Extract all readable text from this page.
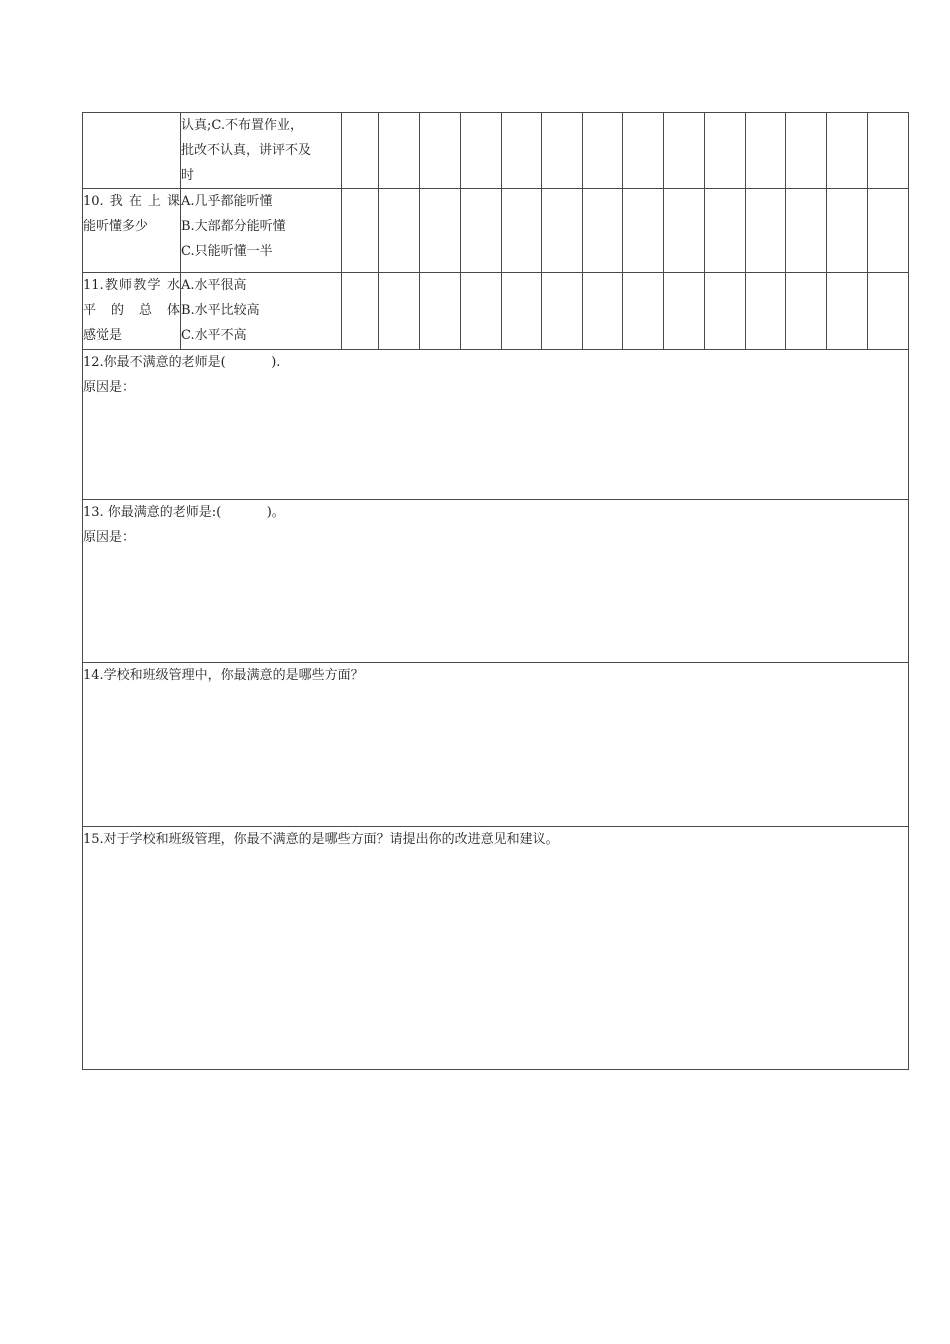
	认真;C.不布置作业，
批改不认真，讲评不及
时														

10.我在上课
能听懂多少	A.几乎都能听懂
B.大部都分能听懂
C.只能听懂一半														

11.教师教学 水平的总体
感觉是	A.水平很高
B.水平比较高
C.水平不高														

12.你最不满意的老师是(           ).
原因是：															

13. 你最满意的老师是:(           )。
原因是：															

14.学校和班级管理中，你最满意的是哪些方面？															

15.对于学校和班级管理，你最不满意的是哪些方面？请提出你的改进意见和建议。															
